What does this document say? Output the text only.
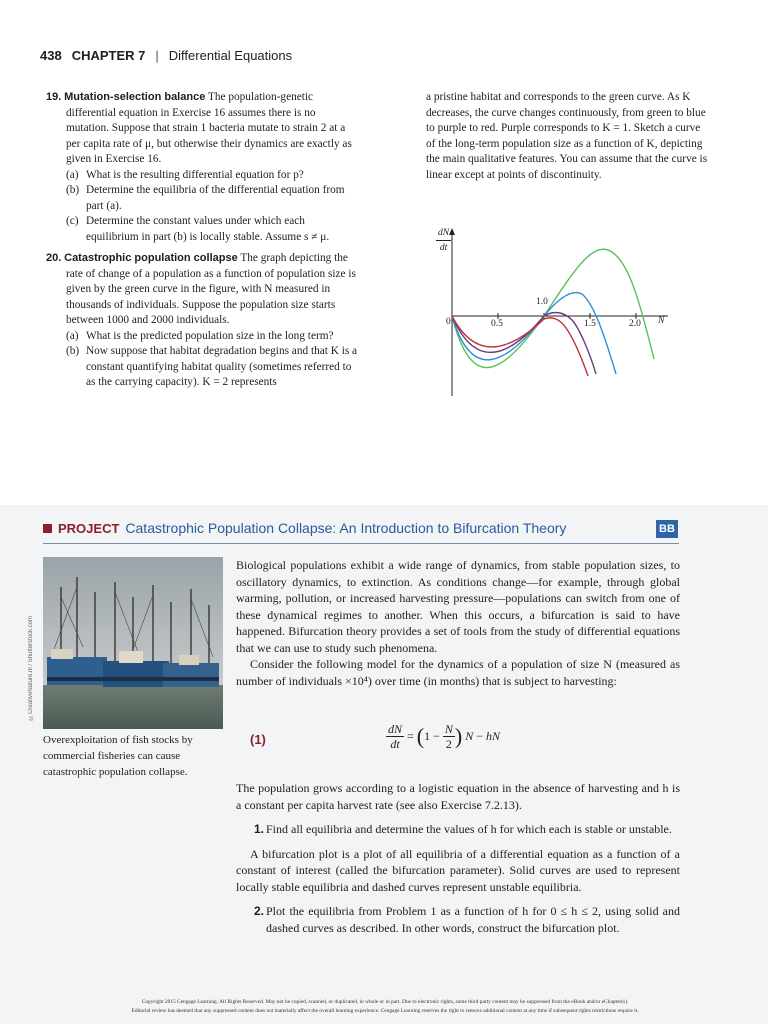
438 CHAPTER 7 | Differential Equations
19. Mutation-selection balance The population-genetic differential equation in Exercise 16 assumes there is no mutation. Suppose that strain 1 bacteria mutate to strain 2 at a per capita rate of μ, but otherwise their dynamics are exactly as given in Exercise 16.

(a) What is the resulting differential equation for p?

(b) Determine the equilibria of the differential equation from part (a).

(c) Determine the constant values under which each equilibrium in part (b) is locally stable. Assume s ≠ μ.

20. Catastrophic population collapse The graph depicting the rate of change of a population as a function of population size is given by the green curve in the figure, with N measured in thousands of individuals. Suppose the population size starts between 1000 and 2000 individuals.

(a) What is the predicted population size in the long term?

(b) Now suppose that habitat degradation begins and that K is a constant quantifying habitat quality (sometimes referred to as the carrying capacity). K = 2 represents

a pristine habitat and corresponds to the green curve. As K decreases, the curve changes continuously, from green to blue to purple to red. Purple corresponds to K = 1. Sketch a curve of the long-term population size as a function of K, depicting the main qualitative features. You can assume that the curve is linear except at points of discontinuity.

$\frac{dN}{dt}$
0	0.5
1.0
1.5	2.0 N
PROJECT Catastrophic Population Collapse: An Introduction to Bifurcation Theory	BB
©CreativeNature.nl / Shutterstock.com
Overexploitation of fish stocks by commercial fisheries can cause catastrophic population collapse.

Biological populations exhibit a wide range of dynamics, from stable population sizes, to oscillatory dynamics, to extinction. As conditions change—for example, through global warming, pollution, or increased harvesting pressure—populations can switch from one of these dynamical regimes to another. When this occurs, a bifurcation is said to have happened. Bifurcation theory provides a set of tools from the study of differential equations that we can use to study such phenomena.

Consider the following model for the dynamics of a population of size N (measured as number of individuals ×10⁴) over time (in months) that is subject to harvesting:

(1)	$\frac{dN}{dt} = (1 - \frac{N}{2}$ ) N − hN

The population grows according to a logistic equation in the absence of harvesting and h is a constant per capita harvest rate (see also Exercise 7.2.13).

1. Find all equilibria and determine the values of h for which each is stable or unstable.

A bifurcation plot is a plot of all equilibria of a differential equation as a function of a constant of interest (called the bifurcation parameter). Solid curves are used to represent locally stable equilibria and dashed curves represent unstable equilibria.

2. Plot the equilibria from Problem 1 as a function of h for 0 ≤ h ≤ 2, using solid and dashed curves as described. In other words, construct the bifurcation plot.

Copyright 2015 Cengage Learning. All Rights Reserved. May not be copied, scanned, or duplicated, in whole or in part. Due to electronic rights, some third party content may be suppressed from the eBook and/or eChapter(s).
Editorial review has deemed that any suppressed content does not materially affect the overall learning experience. Cengage Learning reserves the right to remove additional content at any time if subsequent rights restrictions require it.
